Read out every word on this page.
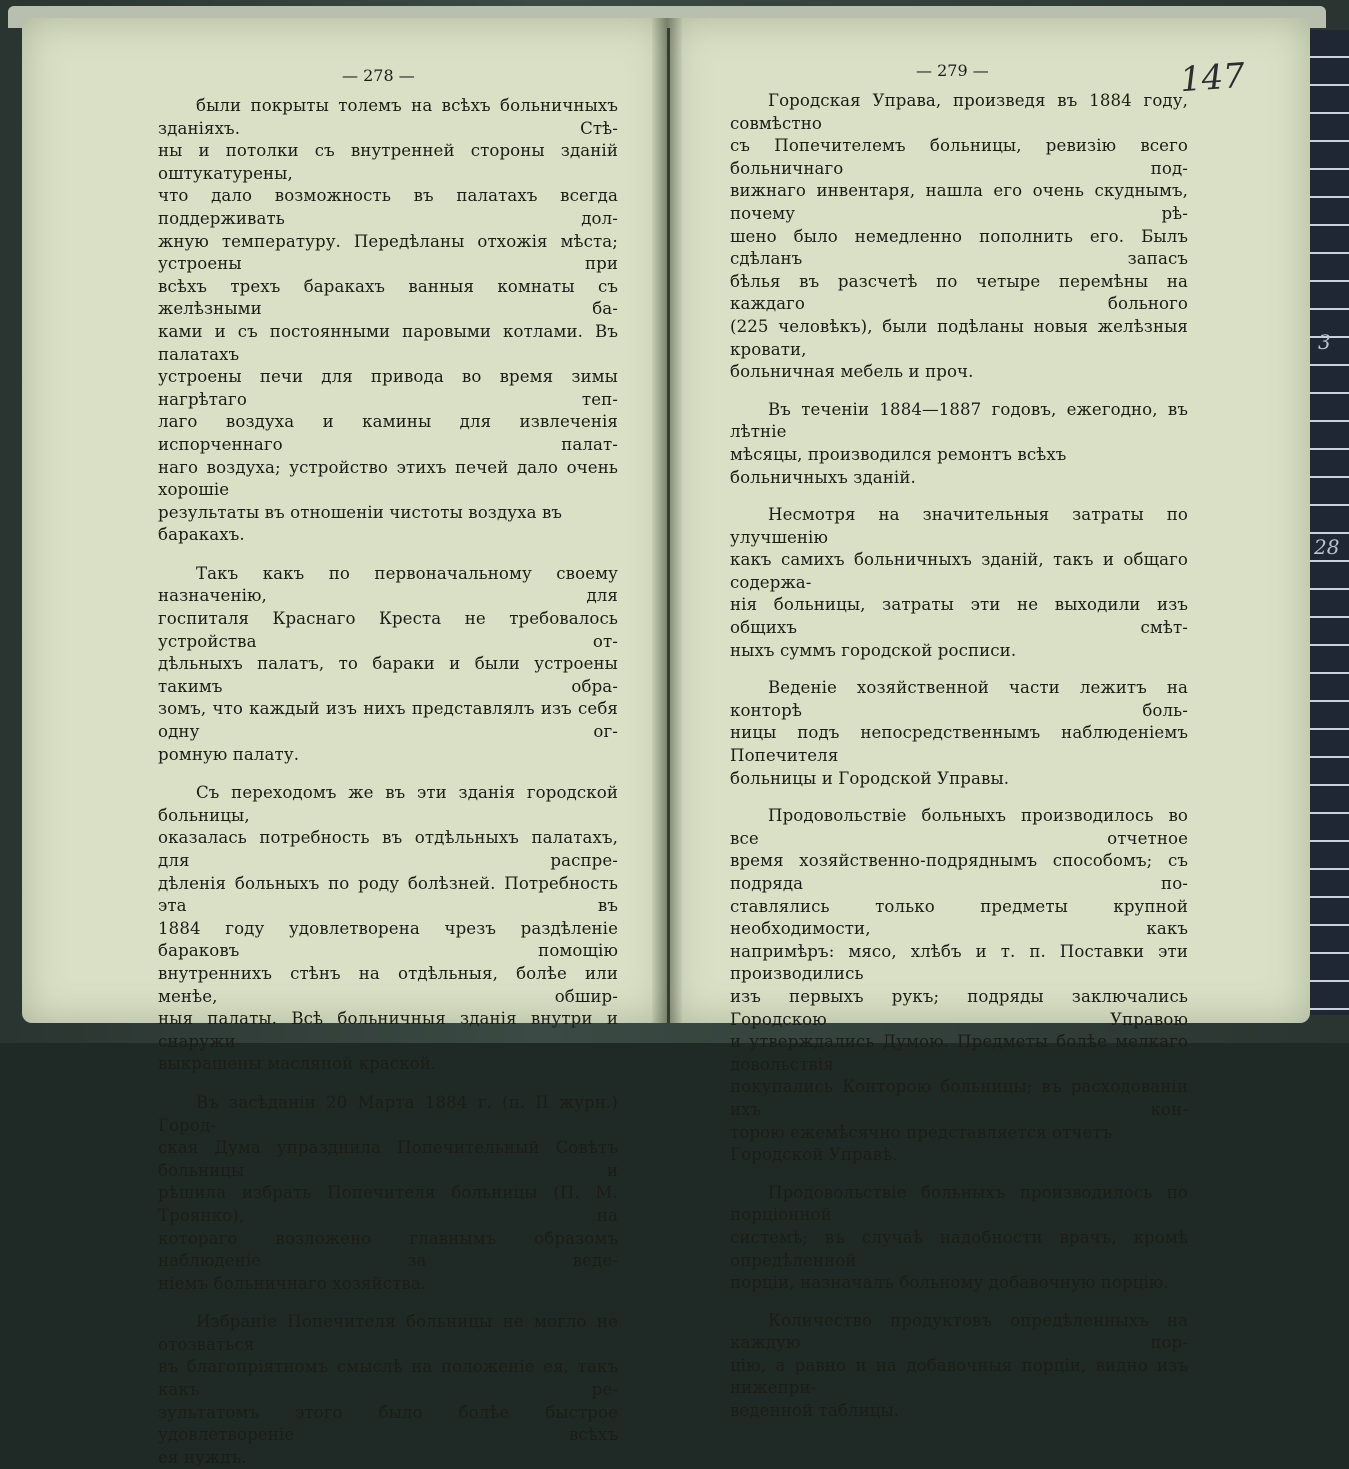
3
28
— 278 —	— 279 —	147

были покрыты толемъ на всѣхъ больничныхъ зданіяхъ. Стѣ-

ны и потолки съ внутренней стороны зданій оштукатурены,

что дало возможность въ палатахъ всегда поддерживать дол-

жную температуру. Передѣланы отхожія мѣста; устроены при

всѣхъ трехъ баракахъ ванныя комнаты съ желѣзными ба-

ками и съ постоянными паровыми котлами. Въ палатахъ

устроены печи для привода во время зимы нагрѣтаго теп-

лаго воздуха и камины для извлеченія испорченнаго палат-

наго воздуха; устройство этихъ печей дало очень хорошіе

результаты въ отношеніи чистоты воздуха въ баракахъ.

Такъ какъ по первоначальному своему назначенію, для

госпиталя Краснаго Креста не требовалось устройства от-

дѣльныхъ палатъ, то бараки и были устроены такимъ обра-

зомъ, что каждый изъ нихъ представлялъ изъ себя одну ог-

ромную палату.

Съ переходомъ же въ эти зданія городской больницы,

оказалась потребность въ отдѣльныхъ палатахъ, для распре-

дѣленія больныхъ по роду болѣзней. Потребность эта въ

1884 году удовлетворена чрезъ раздѣленіе бараковъ помощію

внутреннихъ стѣнъ на отдѣльныя, болѣе или менѣе, обшир-

ныя палаты. Всѣ больничныя зданія внутри и снаружи

выкрашены масляной краской.

Въ засѣданіи 20 Марта 1884 г. (п. II журн.) Город-

ская Дума упразднила Попечительный Совѣтъ больницы и

рѣшила избрать Попечителя больницы (П. М. Троянко), на

котораго возложено главнымъ образомъ наблюденіе за веде-

ніемъ больничнаго хозяйства.

Избраніе Попечителя больницы не могло не отозваться

въ благопріятномъ смыслѣ на положеніе ея, такъ какъ ре-

зультатомъ этого было болѣе быстрое удовлетвореніе всѣхъ

ея нуждъ.

Городская Управа, произведя въ 1884 году, совмѣстно

съ Попечителемъ больницы, ревизію всего больничнаго под-

вижнаго инвентаря, нашла его очень скуднымъ, почему рѣ-

шено было немедленно пополнить его. Былъ сдѣланъ запасъ

бѣлья въ разсчетѣ по четыре перемѣны на каждаго больного

(225 человѣкъ), были подѣланы новыя желѣзныя кровати,

больничная мебель и проч.

Въ теченіи 1884—1887 годовъ, ежегодно, въ лѣтніе

мѣсяцы, производился ремонтъ всѣхъ больничныхъ зданій.

Несмотря на значительныя затраты по улучшенію

какъ самихъ больничныхъ зданій, такъ и общаго содержа-

нія больницы, затраты эти не выходили изъ общихъ смѣт-

ныхъ суммъ городской росписи.

Веденіе хозяйственной части лежитъ на конторѣ боль-

ницы подъ непосредственнымъ наблюденіемъ Попечителя

больницы и Городской Управы.

Продовольствіе больныхъ производилось во все отчетное

время хозяйственно-подряднымъ способомъ; съ подряда по-

ставлялись только предметы крупной необходимости, какъ

напримѣръ: мясо, хлѣбъ и т. п. Поставки эти производились

изъ первыхъ рукъ; подряды заключались Городскою Управою

и утверждались Думою. Предметы болѣе мелкаго довольствія

покупались Конторою больницы; въ расходованіи ихъ кон-

торою ежемѣсячно представляется отчетъ Городской Управѣ.

Продовольствіе больныхъ производилось по порціонной

системѣ; въ случаѣ надобности врачъ, кромѣ опредѣленной

порціи, назначалъ больному добавочную порцію.

Количество продуктовъ опредѣленныхъ на каждую пор-

цію, а равно и на добавочныя порціи, видно изъ нижепри-

веденной таблицы.
